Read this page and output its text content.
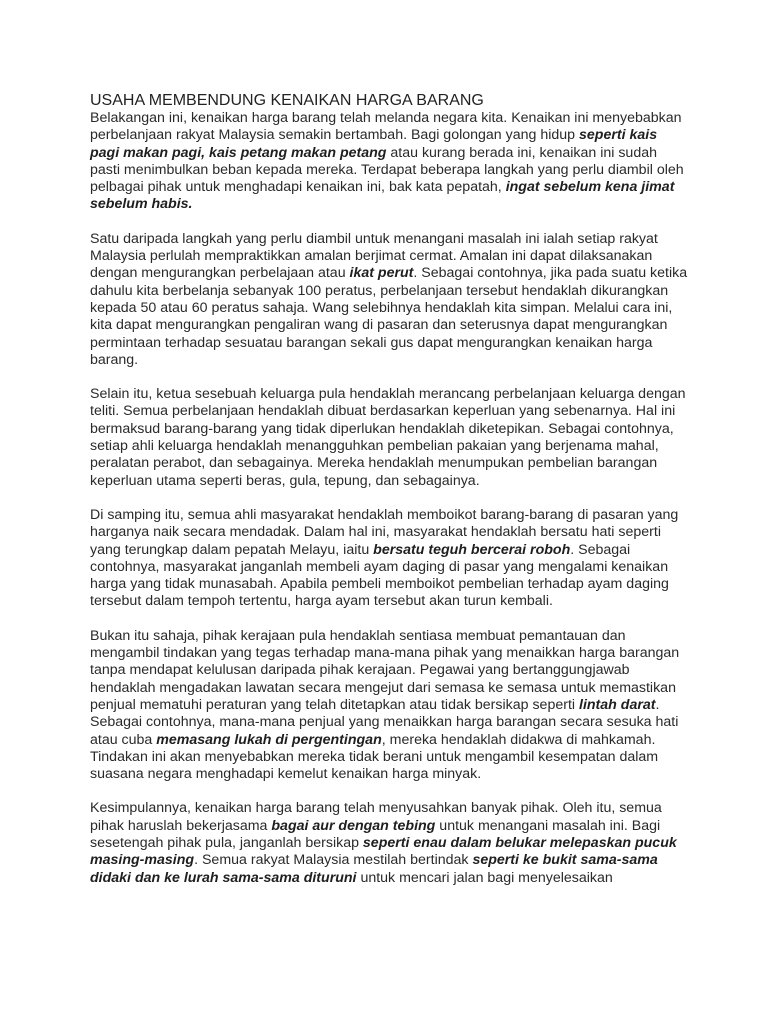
USAHA MEMBENDUNG KENAIKAN HARGA BARANG

Belakangan ini, kenaikan harga barang telah melanda negara kita. Kenaikan ini menyebabkan perbelanjaan rakyat Malaysia semakin bertambah. Bagi golongan yang hidup seperti kais pagi makan pagi, kais petang makan petang atau kurang berada ini, kenaikan ini sudah pasti menimbulkan beban kepada mereka. Terdapat beberapa langkah yang perlu diambil oleh pelbagai pihak untuk menghadapi kenaikan ini, bak kata pepatah, ingat sebelum kena jimat sebelum habis.

Satu daripada langkah yang perlu diambil untuk menangani masalah ini ialah setiap rakyat Malaysia perlulah mempraktikkan amalan berjimat cermat. Amalan ini dapat dilaksanakan dengan mengurangkan perbelajaan atau ikat perut. Sebagai contohnya, jika pada suatu ketika dahulu kita berbelanja sebanyak 100 peratus, perbelanjaan tersebut hendaklah dikurangkan kepada 50 atau 60 peratus sahaja. Wang selebihnya hendaklah kita simpan. Melalui cara ini, kita dapat mengurangkan pengaliran wang di pasaran dan seterusnya dapat mengurangkan permintaan terhadap sesuatau barangan sekali gus dapat mengurangkan kenaikan harga barang.

Selain itu, ketua sesebuah keluarga pula hendaklah merancang perbelanjaan keluarga dengan teliti. Semua perbelanjaan hendaklah dibuat berdasarkan keperluan yang sebenarnya. Hal ini bermaksud barang-barang yang tidak diperlukan hendaklah diketepikan. Sebagai contohnya, setiap ahli keluarga hendaklah menangguhkan pembelian pakaian yang berjenama mahal, peralatan perabot, dan sebagainya. Mereka hendaklah menumpukan pembelian barangan keperluan utama seperti beras, gula, tepung, dan sebagainya.

Di samping itu, semua ahli masyarakat hendaklah memboikot barang-barang di pasaran yang harganya naik secara mendadak. Dalam hal ini, masyarakat hendaklah bersatu hati seperti yang terungkap dalam pepatah Melayu, iaitu bersatu teguh bercerai roboh. Sebagai contohnya, masyarakat janganlah membeli ayam daging di pasar yang mengalami kenaikan harga yang tidak munasabah. Apabila pembeli memboikot pembelian terhadap ayam daging tersebut dalam tempoh tertentu, harga ayam tersebut akan turun kembali.

Bukan itu sahaja, pihak kerajaan pula hendaklah sentiasa membuat pemantauan dan mengambil tindakan yang tegas terhadap mana-mana pihak yang menaikkan harga barangan tanpa mendapat kelulusan daripada pihak kerajaan. Pegawai yang bertanggungjawab hendaklah mengadakan lawatan secara mengejut dari semasa ke semasa untuk memastikan penjual mematuhi peraturan yang telah ditetapkan atau tidak bersikap seperti lintah darat. Sebagai contohnya, mana-mana penjual yang menaikkan harga barangan secara sesuka hati atau cuba memasang lukah di pergentingan, mereka hendaklah didakwa di mahkamah. Tindakan ini akan menyebabkan mereka tidak berani untuk mengambil kesempatan dalam suasana negara menghadapi kemelut kenaikan harga minyak.

Kesimpulannya, kenaikan harga barang telah menyusahkan banyak pihak. Oleh itu, semua pihak haruslah bekerjasama bagai aur dengan tebing untuk menangani masalah ini. Bagi sesetengah pihak pula, janganlah bersikap seperti enau dalam belukar melepaskan pucuk masing-masing. Semua rakyat Malaysia mestilah bertindak seperti ke bukit sama-sama didaki dan ke lurah sama-sama dituruni untuk mencari jalan bagi menyelesaikan
